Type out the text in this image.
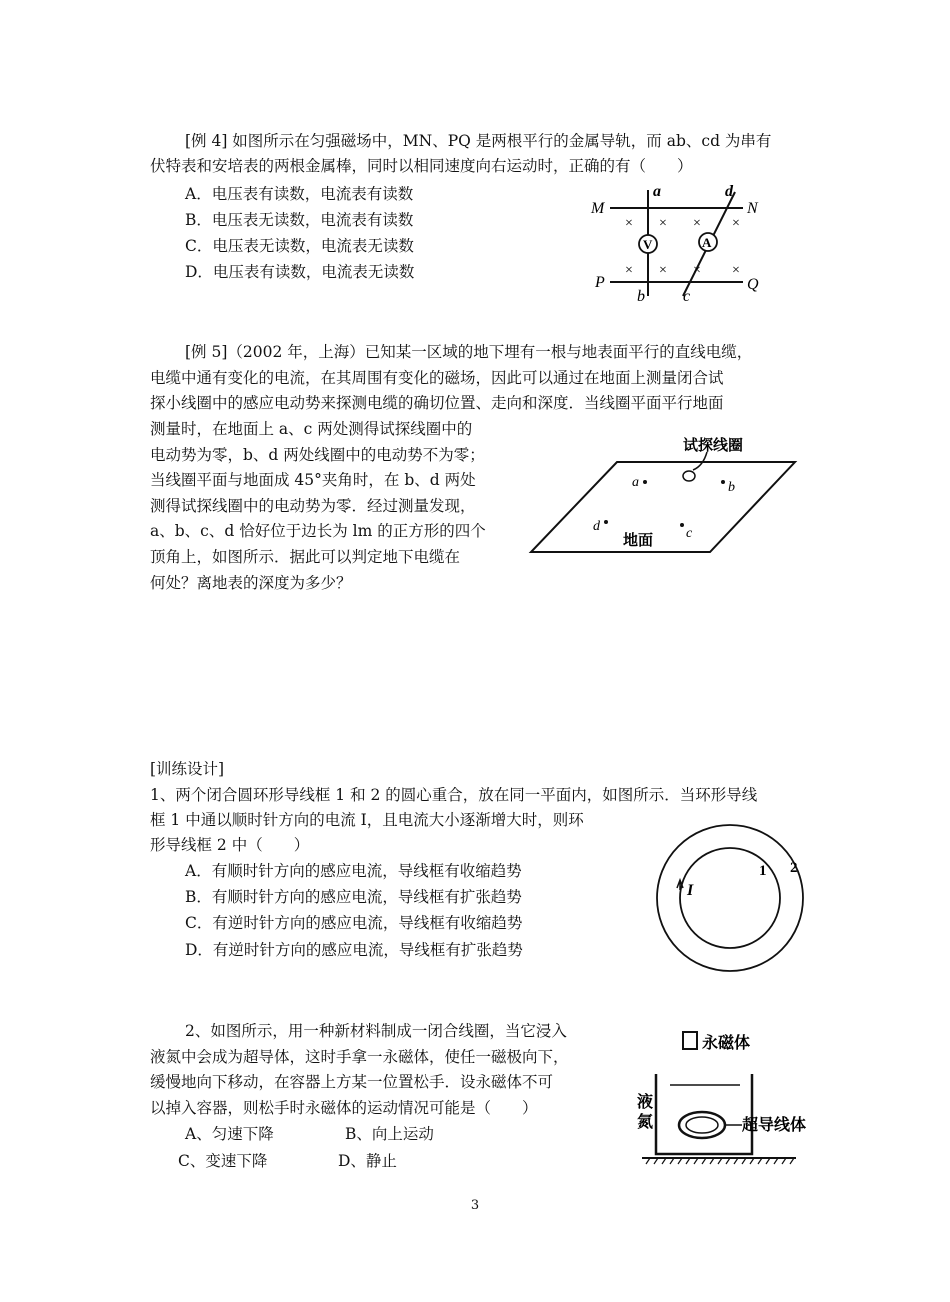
[例 4] 如图所示在匀强磁场中，MN、PQ 是两根平行的金属导轨，而 ab、cd 为串有
伏特表和安培表的两根金属棒，同时以相同速度向右运动时，正确的有（　　）
A．电压表有读数，电流表有读数
B．电压表无读数，电流表有读数
C．电压表无读数，电流表无读数
D．电压表有读数，电流表无读数
V	A
M	N
P	Q
a	d
b c
× × × ×
× × × ×
[例 5]（2002 年，上海）已知某一区域的地下埋有一根与地表面平行的直线电缆，
电缆中通有变化的电流，在其周围有变化的磁场，因此可以通过在地面上测量闭合试
探小线圈中的感应电动势来探测电缆的确切位置、走向和深度．当线圈平面平行地面
测量时，在地面上 a、c 两处测得试探线圈中的
电动势为零，b、d 两处线圈中的电动势不为零；
当线圈平面与地面成 45°夹角时，在 b、d 两处
测得试探线圈中的电动势为零．经过测量发现，
a、b、c、d 恰好位于边长为 lm 的正方形的四个
顶角上，如图所示．据此可以判定地下电缆在
何处？离地表的深度为多少？
试探线圈
a	b
d	c
地面
[训练设计]
1、两个闭合圆环形导线框 1 和 2 的圆心重合，放在同一平面内，如图所示．当环形导线
框 1 中通以顺时针方向的电流 I，且电流大小逐渐增大时，则环
形导线框 2 中（　　）
A．有顺时针方向的感应电流，导线框有收缩趋势
B．有顺时针方向的感应电流，导线框有扩张趋势
C．有逆时针方向的感应电流，导线框有收缩趋势
D．有逆时针方向的感应电流，导线框有扩张趋势
I
1 2
2、如图所示，用一种新材料制成一闭合线圈，当它浸入
液氮中会成为超导体，这时手拿一永磁体，使任一磁极向下，
缓慢地向下移动，在容器上方某一位置松手．设永磁体不可
以掉入容器，则松手时永磁体的运动情况可能是（　　）
A、匀速下降	B、向上运动
C、变速下降	D、静止
永磁体
超导线体
液
氮
3
